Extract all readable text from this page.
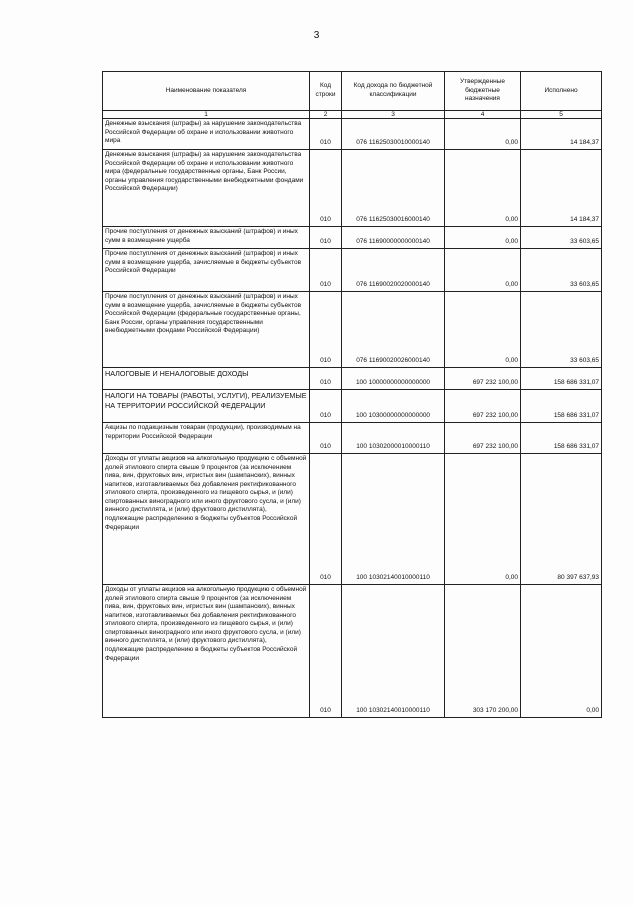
3
Наименование показателя	Код строки	Код дохода по бюджетной классификации	Утвержденные бюджетные назначения	Исполнено
1	2	3	4	5
Денежные взыскания (штрафы) за нарушение законодательства Российской Федерации об охране и использовании животного мира	010	076 11625030010000140	0,00	14 184,37
Денежные взыскания (штрафы) за нарушение законодательства Российской Федерации об охране и использовании животного мира (федеральные государственные органы, Банк России, органы управления государственными внебюджетными фондами Российской Федерации)	010	076 11625030016000140	0,00	14 184,37
Прочие поступления от денежных взысканий (штрафов) и иных сумм в возмещение ущерба	010	076 11690000000000140	0,00	33 603,65
Прочие поступления от денежных взысканий (штрафов) и иных сумм в возмещение ущерба, зачисляемые в бюджеты субъектов Российской Федерации	010	076 11690020020000140	0,00	33 603,65
Прочие поступления от денежных взысканий (штрафов) и иных сумм в возмещение ущерба, зачисляемые в бюджеты субъектов Российской Федерации (федеральные государственные органы, Банк России, органы управления государственными внебюджетными фондами Российской Федерации)	010	076 11690020026000140	0,00	33 603,65
НАЛОГОВЫЕ И НЕНАЛОГОВЫЕ ДОХОДЫ	010	100 10000000000000000	697 232 100,00	158 686 331,07
НАЛОГИ НА ТОВАРЫ (РАБОТЫ, УСЛУГИ), РЕАЛИЗУЕМЫЕ НА ТЕРРИТОРИИ РОССИЙСКОЙ ФЕДЕРАЦИИ	010	100 10300000000000000	697 232 100,00	158 686 331,07
Акцизы по подакцизным товарам (продукции), производимым на территории Российской Федерации	010	100 10302000010000110	697 232 100,00	158 686 331,07
Доходы от уплаты акцизов на алкогольную продукцию с объемной долей этилового спирта свыше 9 процентов (за исключением пива, вин, фруктовых вин, игристых вин (шампанских), винных напитков, изготавливаемых без добавления ректификованного этилового спирта, произведенного из пищевого сырья, и (или) спиртованных виноградного или иного фруктового сусла, и (или) винного дистиллята, и (или) фруктового дистиллята), подлежащие распределению в бюджеты субъектов Российской Федерации	010	100 10302140010000110	0,00	80 397 637,93
Доходы от уплаты акцизов на алкогольную продукцию с объемной долей этилового спирта свыше 9 процентов (за исключением пива, вин, фруктовых вин, игристых вин (шампанских), винных напитков, изготавливаемых без добавления ректификованного этилового спирта, произведенного из пищевого сырья, и (или) спиртованных виноградного или иного фруктового сусла, и (или) винного дистиллята, и (или) фруктового дистиллята), подлежащие распределению в бюджеты субъектов Российской Федерации	010	100 10302140010000110	303 170 200,00	0,00
